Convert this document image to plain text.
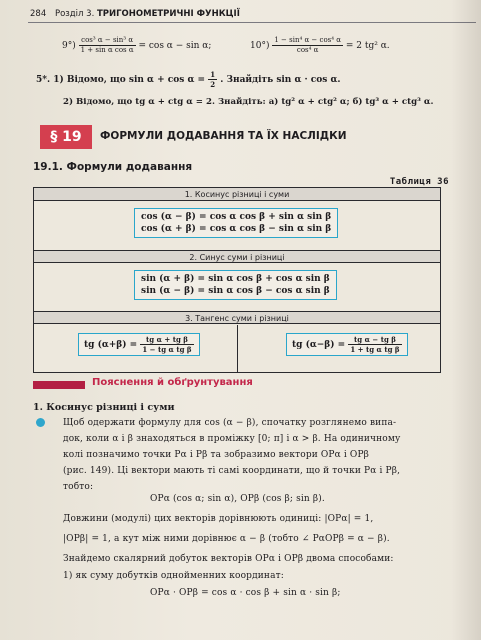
284 Розділ 3. ТРИГОНОМЕТРИЧНІ ФУНКЦІЇ
$9^\circ) \frac{\text{cos³ α − sin³ α}}{\text{1 + sin α cos α}} = \cos \alpha - \sin \alpha$;	$10^\circ) \frac{\text{1 − sin⁴ α − cos⁴ α}}{\text{cos⁴ α}} = 2$ tg² α.
5*. 1) Відомо, що $\sin \alpha + \cos \alpha = \frac{1}{2}$ . Знайдіть sin α · cos α.
2) Відомо, що tg α + ctg α = 2. Знайдіть: а) tg² α + ctg² α; б) tg³ α + ctg³ α.
§ 19	ФОРМУЛИ ДОДАВАННЯ ТА ЇХ НАСЛІДКИ
19.1. Формули додавання
Таблиця 36
1. Косинус різниці і суми
cos (α − β) = cos α cos β + sin α sin β
cos (α + β) = cos α cos β − sin α sin β
2. Синус суми і різниці
sin (α + β) = sin α cos β + cos α sin β
sin (α − β) = sin α cos β − cos α sin β
3. Тангенс суми і різниці
tg $(\alpha+\beta) = \frac{\text{tg α + tg β}}{\text{1 − tg α tg β}}$	tg $(\alpha-\beta) = \frac{\text{tg α − tg β}}{\text{1 + tg α tg β}}$
Пояснення й обґрунтування
1. Косинус різниці і суми
Щоб одержати формулу для cos (α − β), спочатку розглянемо випа-
док, коли α і β знаходяться в проміжку [0; π] і α > β. На одиничному
колі позначимо точки Pα і Pβ та зобразимо вектори OPα і OPβ
(рис. 149). Ці вектори мають ті самі координати, що й точки Pα і Pβ,
тобто:
OPα (cos α; sin α), OPβ (cos β; sin β).
Довжини (модулі) цих векторів дорівнюють одиниці: |OPα| = 1,
|OPβ| = 1, а кут між ними дорівнює α − β (тобто ∠ PαOPβ = α − β).
Знайдемо скалярний добуток векторів OPα і OPβ двома способами:
1) як суму добутків однойменних координат:
OPα · OPβ = cos α · cos β + sin α · sin β;
